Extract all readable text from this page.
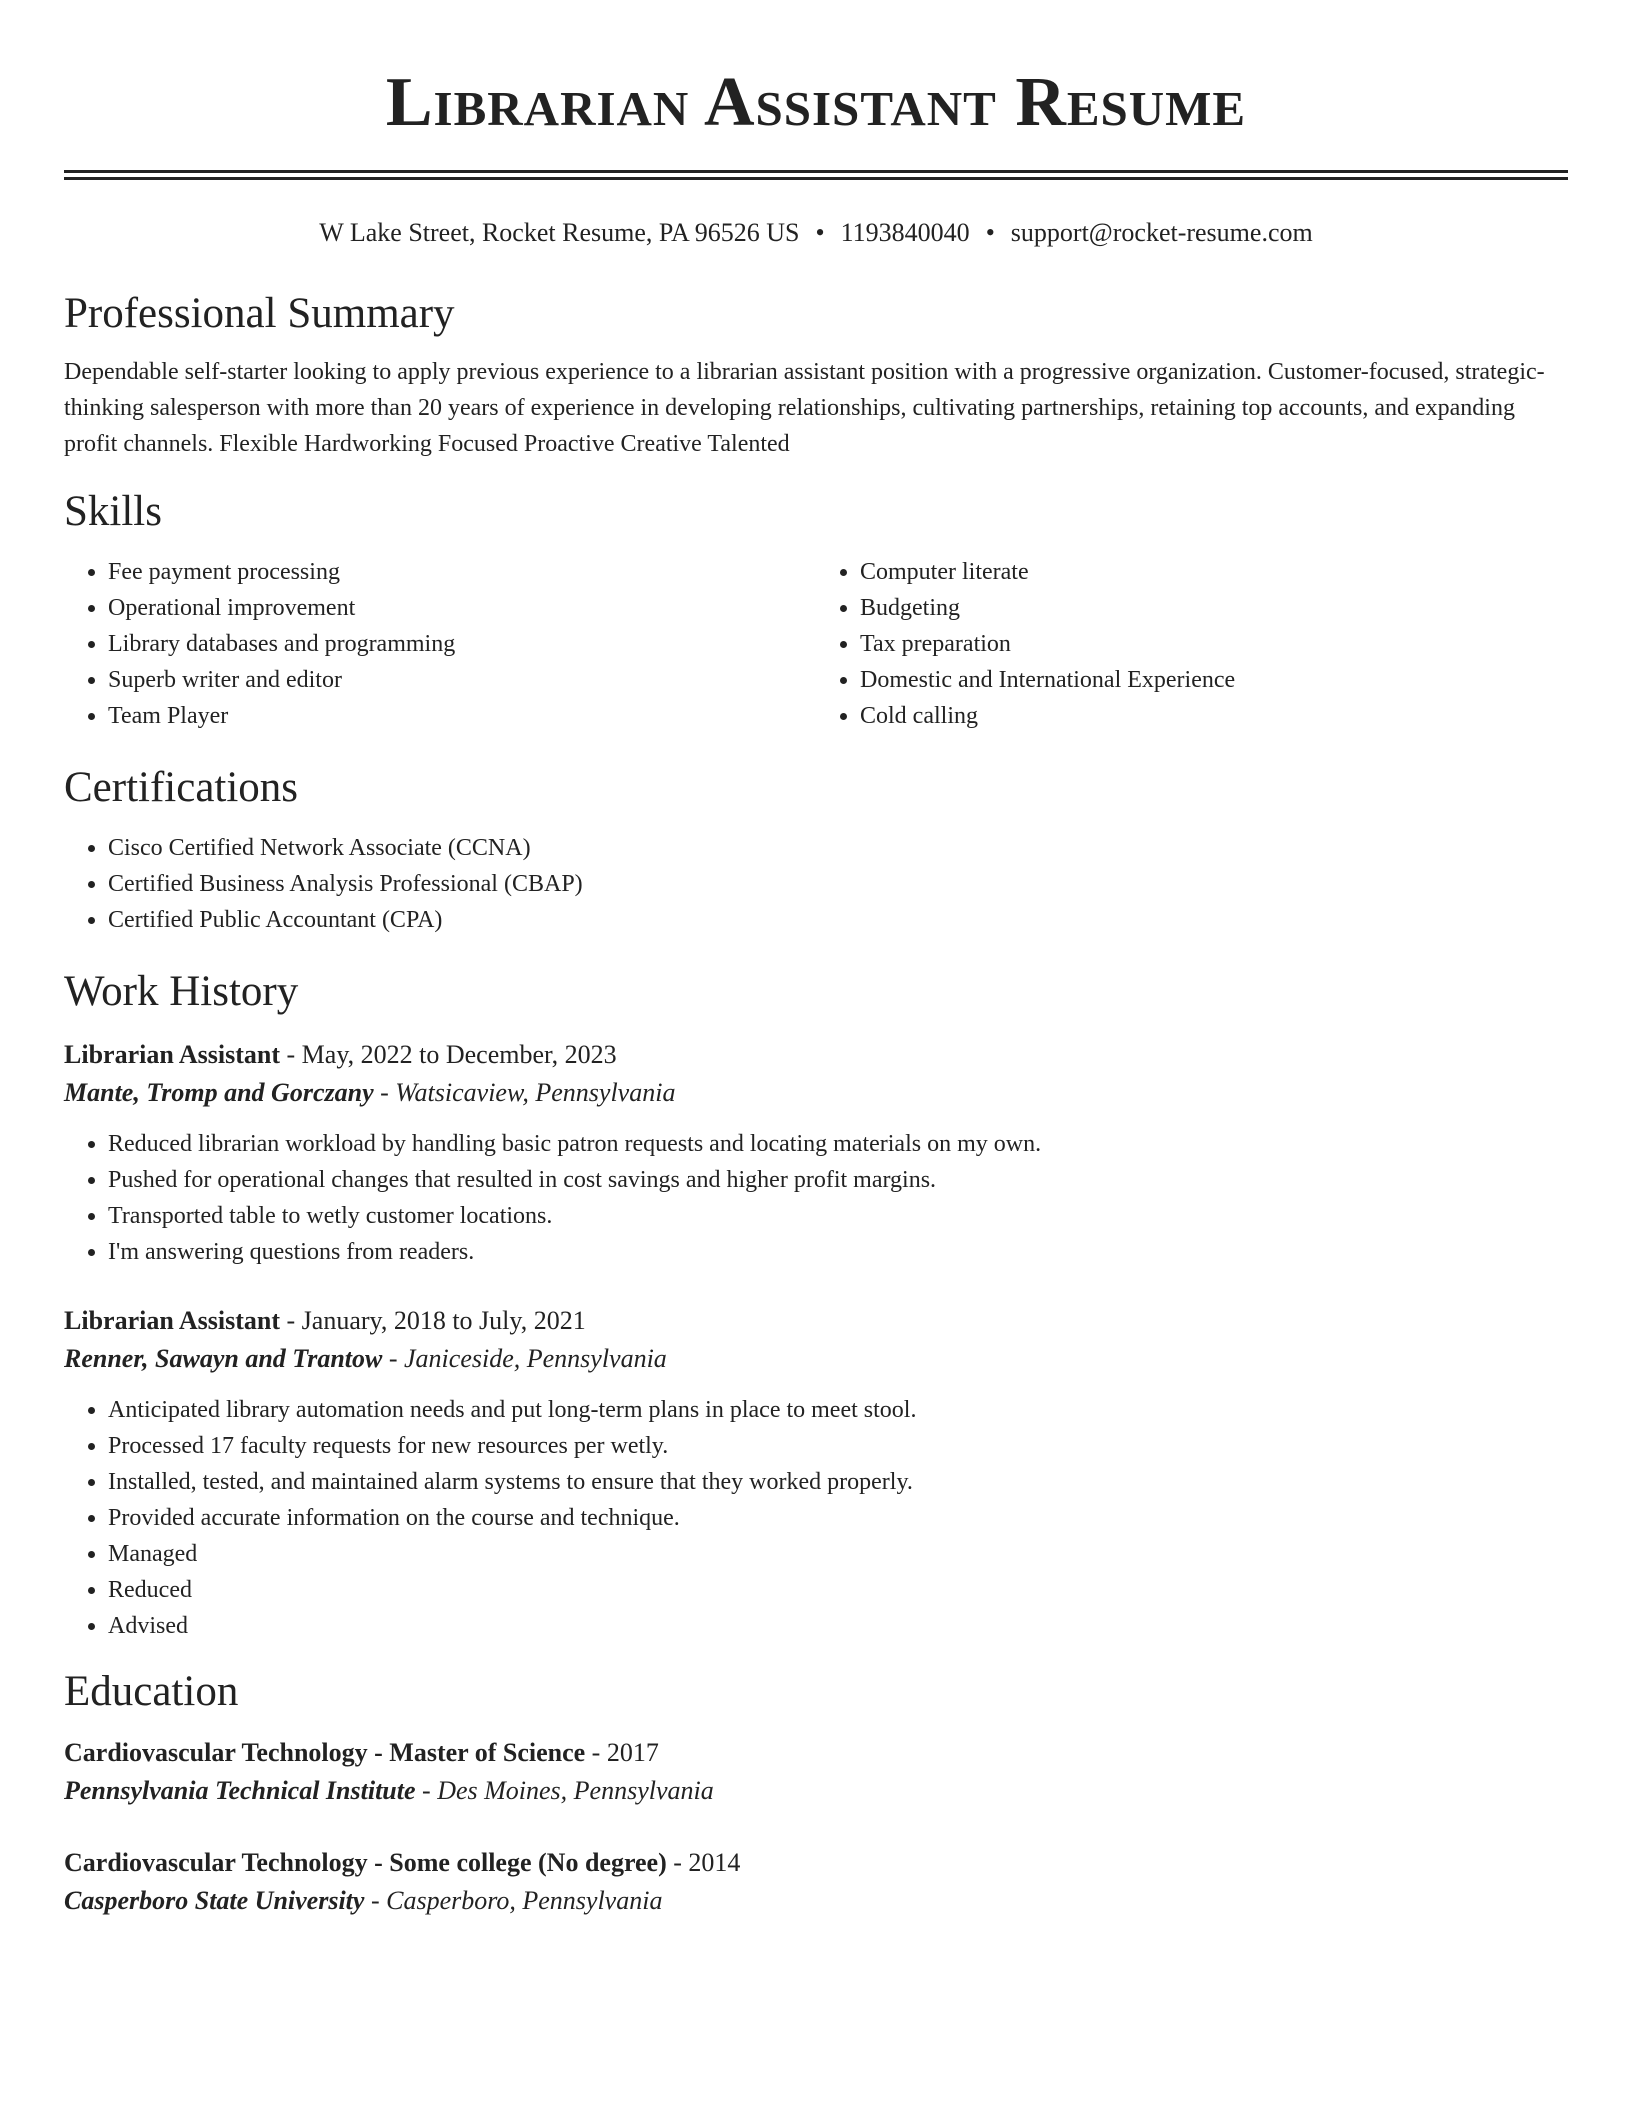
Librarian Assistant Resume
W Lake Street, Rocket Resume, PA 96526 US • 1193840040 • support@rocket-resume.com
Professional Summary

Dependable self-starter looking to apply previous experience to a librarian assistant position with a progressive organization. Customer-focused, strategic-thinking salesperson with more than 20 years of experience in developing relationships, cultivating partnerships, retaining top accounts, and expanding profit channels. Flexible Hardworking Focused Proactive Creative Talented

Skills
• Fee payment processing
• Operational improvement
• Library databases and programming
• Superb writer and editor
• Team Player
• Computer literate
• Budgeting
• Tax preparation
• Domestic and International Experience
• Cold calling
Certifications
• Cisco Certified Network Associate (CCNA)
• Certified Business Analysis Professional (CBAP)
• Certified Public Accountant (CPA)
Work History
Librarian Assistant - May, 2022 to December, 2023
Mante, Tromp and Gorczany - Watsicaview, Pennsylvania
• Reduced librarian workload by handling basic patron requests and locating materials on my own.
• Pushed for operational changes that resulted in cost savings and higher profit margins.
• Transported table to wetly customer locations.
• I'm answering questions from readers.
Librarian Assistant - January, 2018 to July, 2021
Renner, Sawayn and Trantow - Janiceside, Pennsylvania
• Anticipated library automation needs and put long-term plans in place to meet stool.
• Processed 17 faculty requests for new resources per wetly.
• Installed, tested, and maintained alarm systems to ensure that they worked properly.
• Provided accurate information on the course and technique.
• Managed
• Reduced
• Advised
Education
Cardiovascular Technology - Master of Science - 2017
Pennsylvania Technical Institute - Des Moines, Pennsylvania
Cardiovascular Technology - Some college (No degree) - 2014
Casperboro State University - Casperboro, Pennsylvania
